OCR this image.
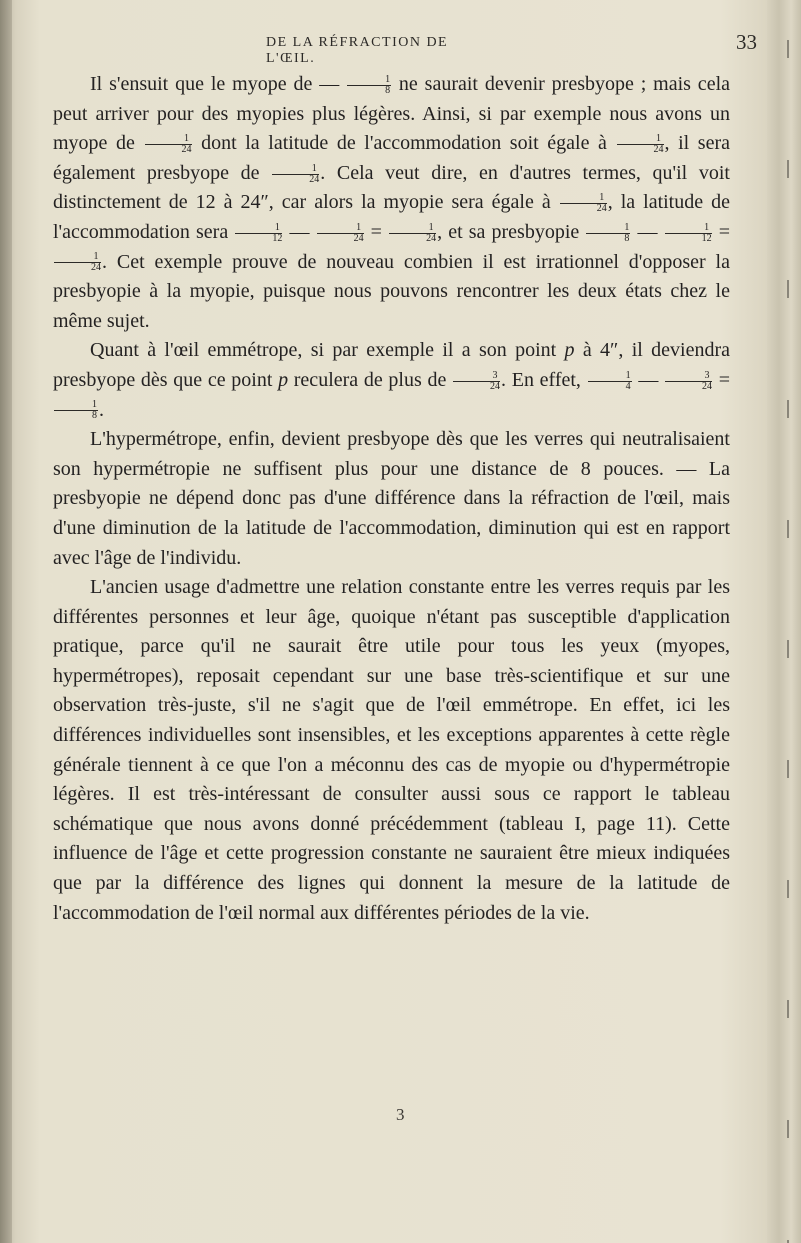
DE LA RÉFRACTION DE L'ŒIL.
33

Il s'ensuit que le myope de — $\frac{1}{8}$ ne saurait devenir presbyope ; mais cela peut arriver pour des myopies plus légères. Ainsi, si par exemple nous avons un myope de $\frac{1}{24}$ dont la latitude de l'accommodation soit égale à $\frac{1}{24}$ , il sera également presbyope de $\frac{1}{24}$ . Cela veut dire, en d'autres termes, qu'il voit distinctement de 12 à 24″, car alors la myopie sera égale à $\frac{1}{24}$ , la latitude de l'accommodation sera $\frac{1}{12}$ — $\frac{1}{24} = \frac{1}{24}$ , et sa presbyopie $\frac{1}{8}$ — $\frac{1}{12}$ =
$\frac{1}{24}$ . Cet exemple prouve de nouveau combien il est irrationnel d'opposer la presbyopie à la myopie, puisque nous pouvons rencontrer les deux états chez le même sujet.

Quant à l'œil emmétrope, si par exemple il a son point p à 4″, il deviendra presbyope dès que ce point p reculera de plus de $\frac{3}{24}$ . En effet, $\frac{1}{4}$ — $\frac{3}{24}$ =
$\frac{1}{8}$ .

L'hypermétrope, enfin, devient presbyope dès que les verres qui neutralisaient son hypermétropie ne suffisent plus pour une distance de 8 pouces. — La presbyopie ne dépend donc pas d'une différence dans la réfraction de l'œil, mais d'une diminution de la latitude de l'accommodation, diminution qui est en rapport avec l'âge de l'individu.

L'ancien usage d'admettre une relation constante entre les verres requis par les différentes personnes et leur âge, quoique n'étant pas susceptible d'application pratique, parce qu'il ne saurait être utile pour tous les yeux (myopes, hypermétropes), reposait cependant sur une base très-scientifique et sur une observation très-juste, s'il ne s'agit que de l'œil emmétrope. En effet, ici les différences individuelles sont insensibles, et les exceptions apparentes à cette règle générale tiennent à ce que l'on a méconnu des cas de myopie ou d'hypermétropie légères. Il est très-intéressant de consulter aussi sous ce rapport le tableau schématique que nous avons donné précédemment (tableau I, page 11). Cette influence de l'âge et cette progression constante ne sauraient être mieux indiquées que par la différence des lignes qui donnent la mesure de la latitude de l'accommodation de l'œil normal aux différentes périodes de la vie.

3
